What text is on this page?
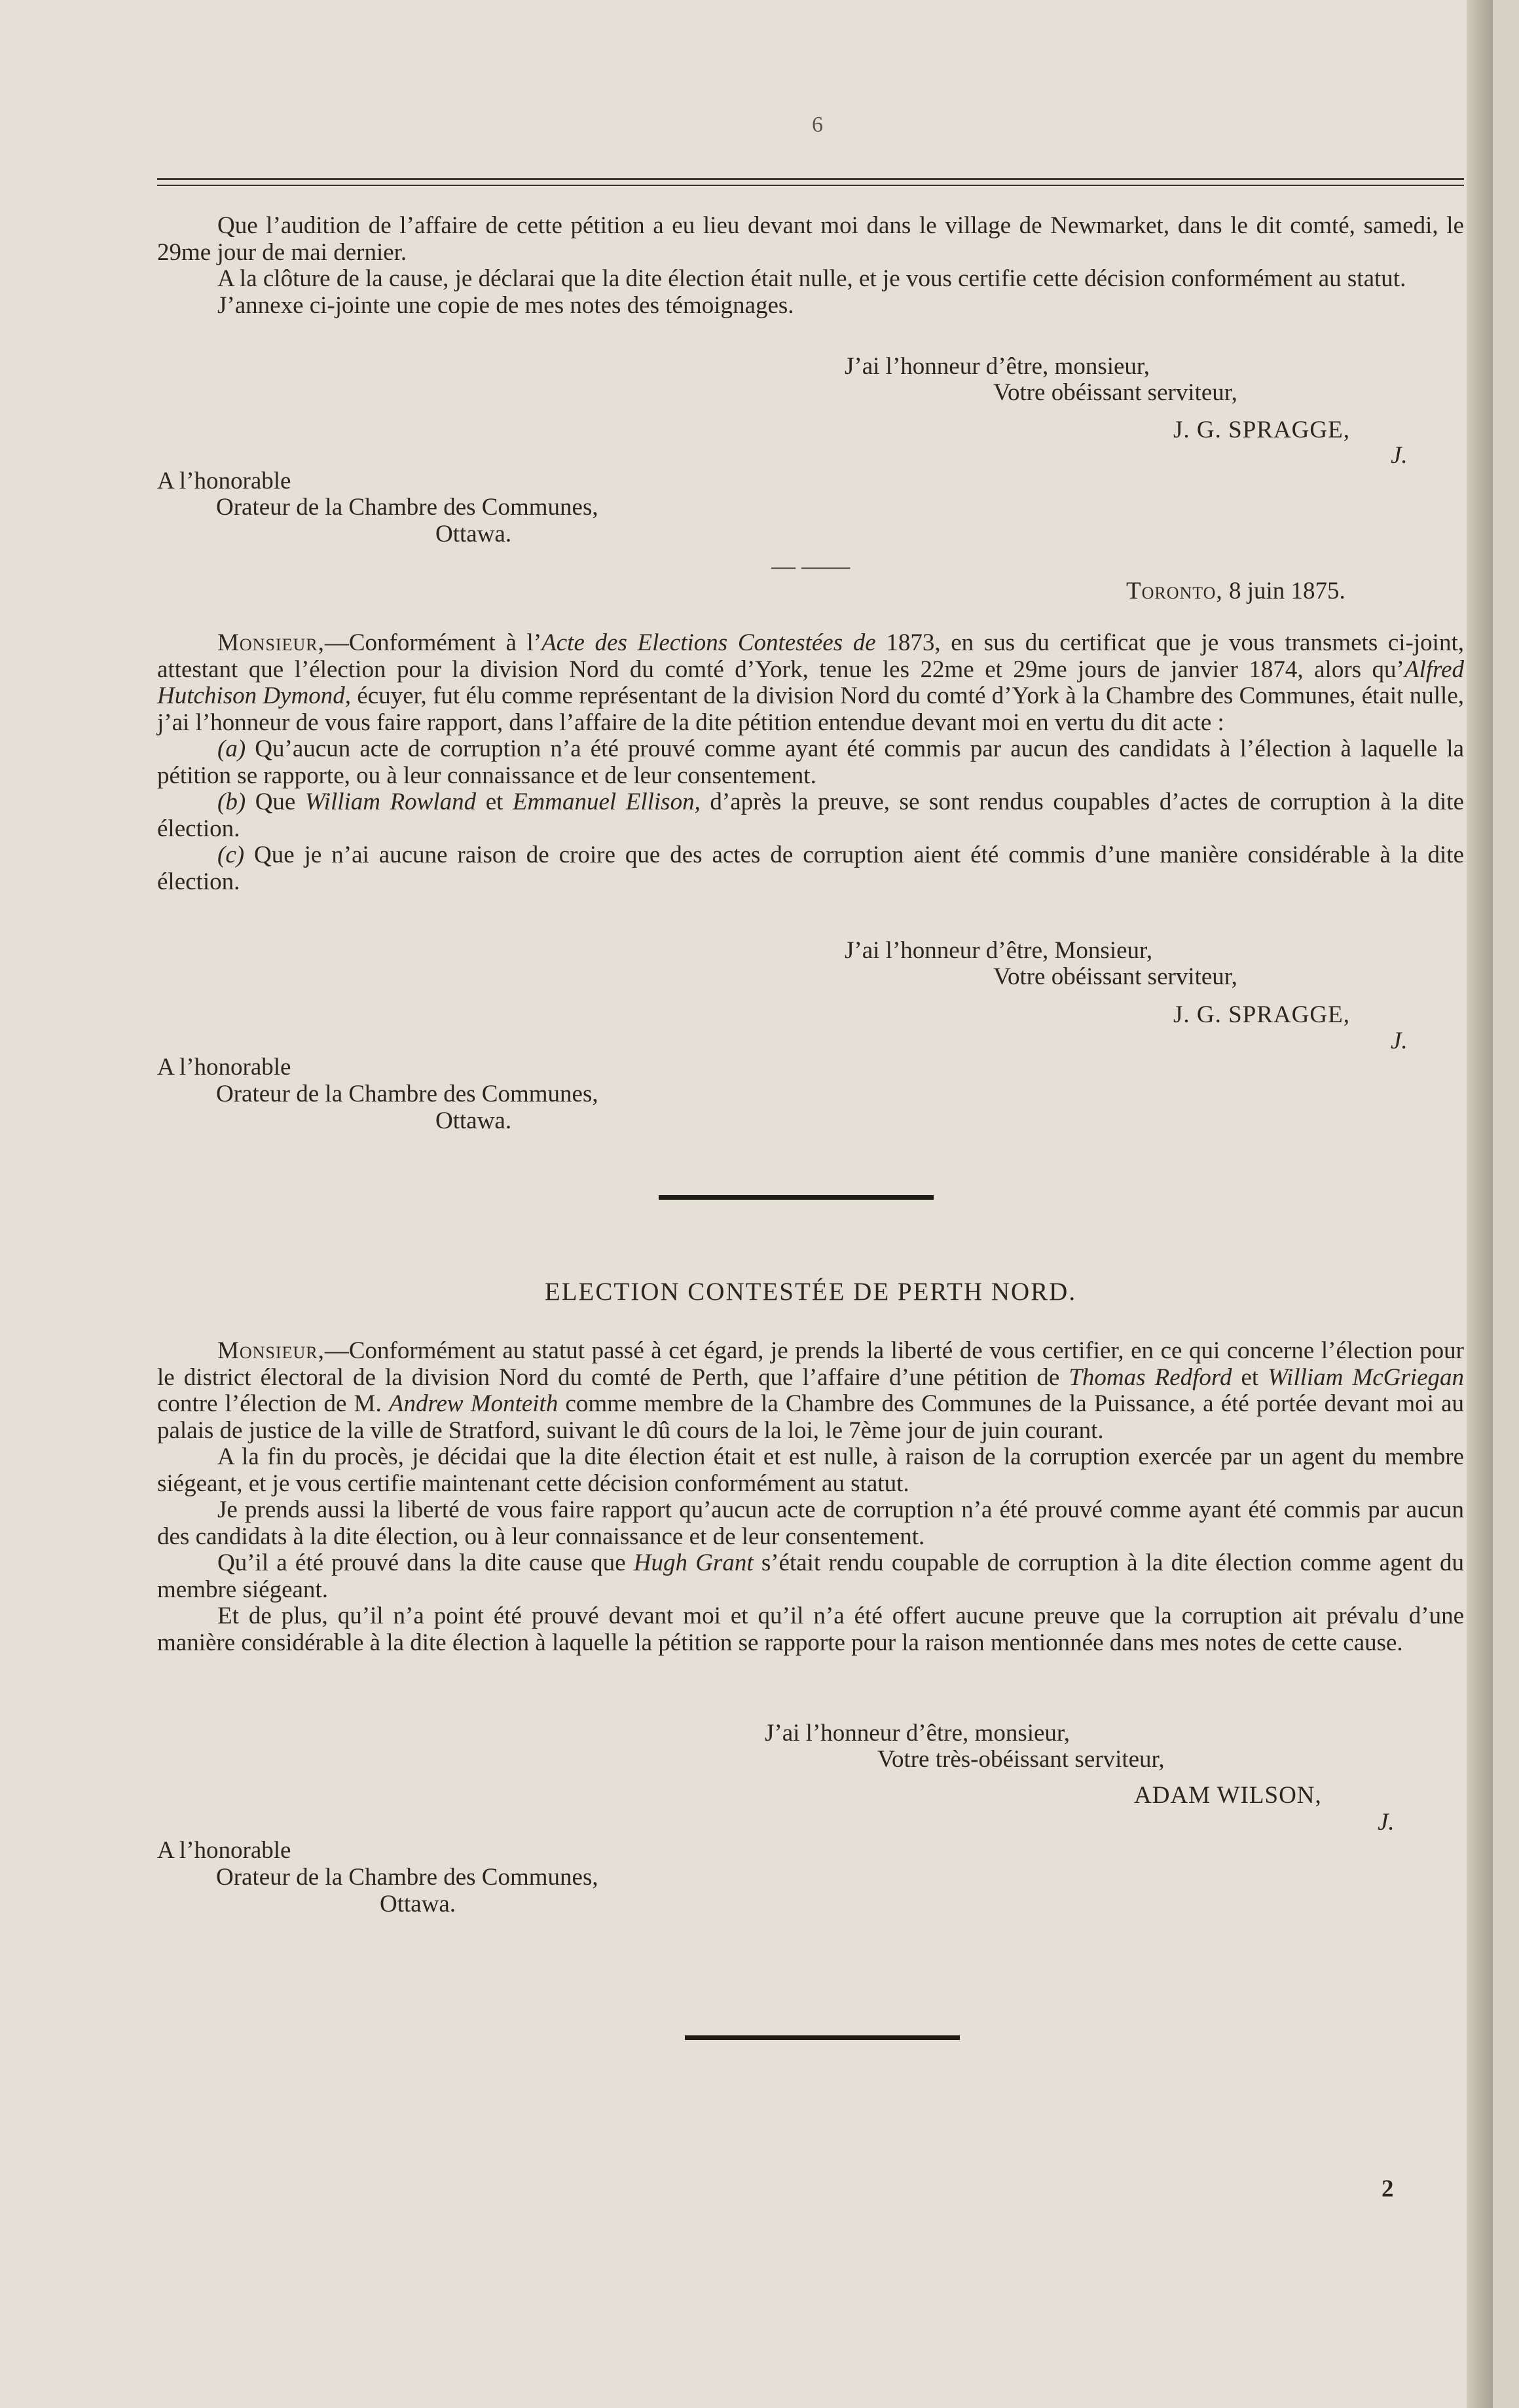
6

Que l’audition de l’affaire de cette pétition a eu lieu devant moi dans le village de Newmarket, dans le dit comté, samedi, le 29me jour de mai dernier.

A la clôture de la cause, je déclarai que la dite élection était nulle, et je vous certifie cette décision conformément au statut.

J’annexe ci-jointe une copie de mes notes des témoignages.

J’ai l’honneur d’être, monsieur,
Votre obéissant serviteur,
J. G. SPRAGGE,
J.
A l’honorable
Orateur de la Chambre des Communes,
Ottawa.
— ——
Toronto, 8 juin 1875.

Monsieur,—Conformément à l’Acte des Elections Contestées de 1873, en sus du certificat que je vous transmets ci-joint, attestant que l’élection pour la division Nord du comté d’York, tenue les 22me et 29me jours de janvier 1874, alors qu’Alfred Hutchison Dymond, écuyer, fut élu comme représentant de la division Nord du comté d’York à la Chambre des Communes, était nulle, j’ai l’honneur de vous faire rapport, dans l’affaire de la dite pétition entendue devant moi en vertu du dit acte :

(a) Qu’aucun acte de corruption n’a été prouvé comme ayant été commis par aucun des candidats à l’élection à laquelle la pétition se rapporte, ou à leur connaissance et de leur consentement.

(b) Que William Rowland et Emmanuel Ellison, d’après la preuve, se sont rendus coupables d’actes de corruption à la dite élection.

(c) Que je n’ai aucune raison de croire que des actes de corruption aient été commis d’une manière considérable à la dite élection.

J’ai l’honneur d’être, Monsieur,
Votre obéissant serviteur,
J. G. SPRAGGE,
J.
A l’honorable
Orateur de la Chambre des Communes,
Ottawa.
ELECTION CONTESTÉE DE PERTH NORD.

Monsieur,—Conformément au statut passé à cet égard, je prends la liberté de vous certifier, en ce qui concerne l’élection pour le district électoral de la division Nord du comté de Perth, que l’affaire d’une pétition de Thomas Redford et William McGriegan contre l’élection de M. Andrew Monteith comme membre de la Chambre des Communes de la Puissance, a été portée devant moi au palais de justice de la ville de Stratford, suivant le dû cours de la loi, le 7ème jour de juin courant.

A la fin du procès, je décidai que la dite élection était et est nulle, à raison de la corruption exercée par un agent du membre siégeant, et je vous certifie maintenant cette décision conformément au statut.

Je prends aussi la liberté de vous faire rapport qu’aucun acte de corruption n’a été prouvé comme ayant été commis par aucun des candidats à la dite élection, ou à leur connaissance et de leur consentement.

Qu’il a été prouvé dans la dite cause que Hugh Grant s’était rendu coupable de corruption à la dite élection comme agent du membre siégeant.

Et de plus, qu’il n’a point été prouvé devant moi et qu’il n’a été offert aucune preuve que la corruption ait prévalu d’une manière considérable à la dite élection à laquelle la pétition se rapporte pour la raison mentionnée dans mes notes de cette cause.

J’ai l’honneur d’être, monsieur,
Votre très-obéissant serviteur,
ADAM WILSON,
J.
A l’honorable
Orateur de la Chambre des Communes,
Ottawa.
2
